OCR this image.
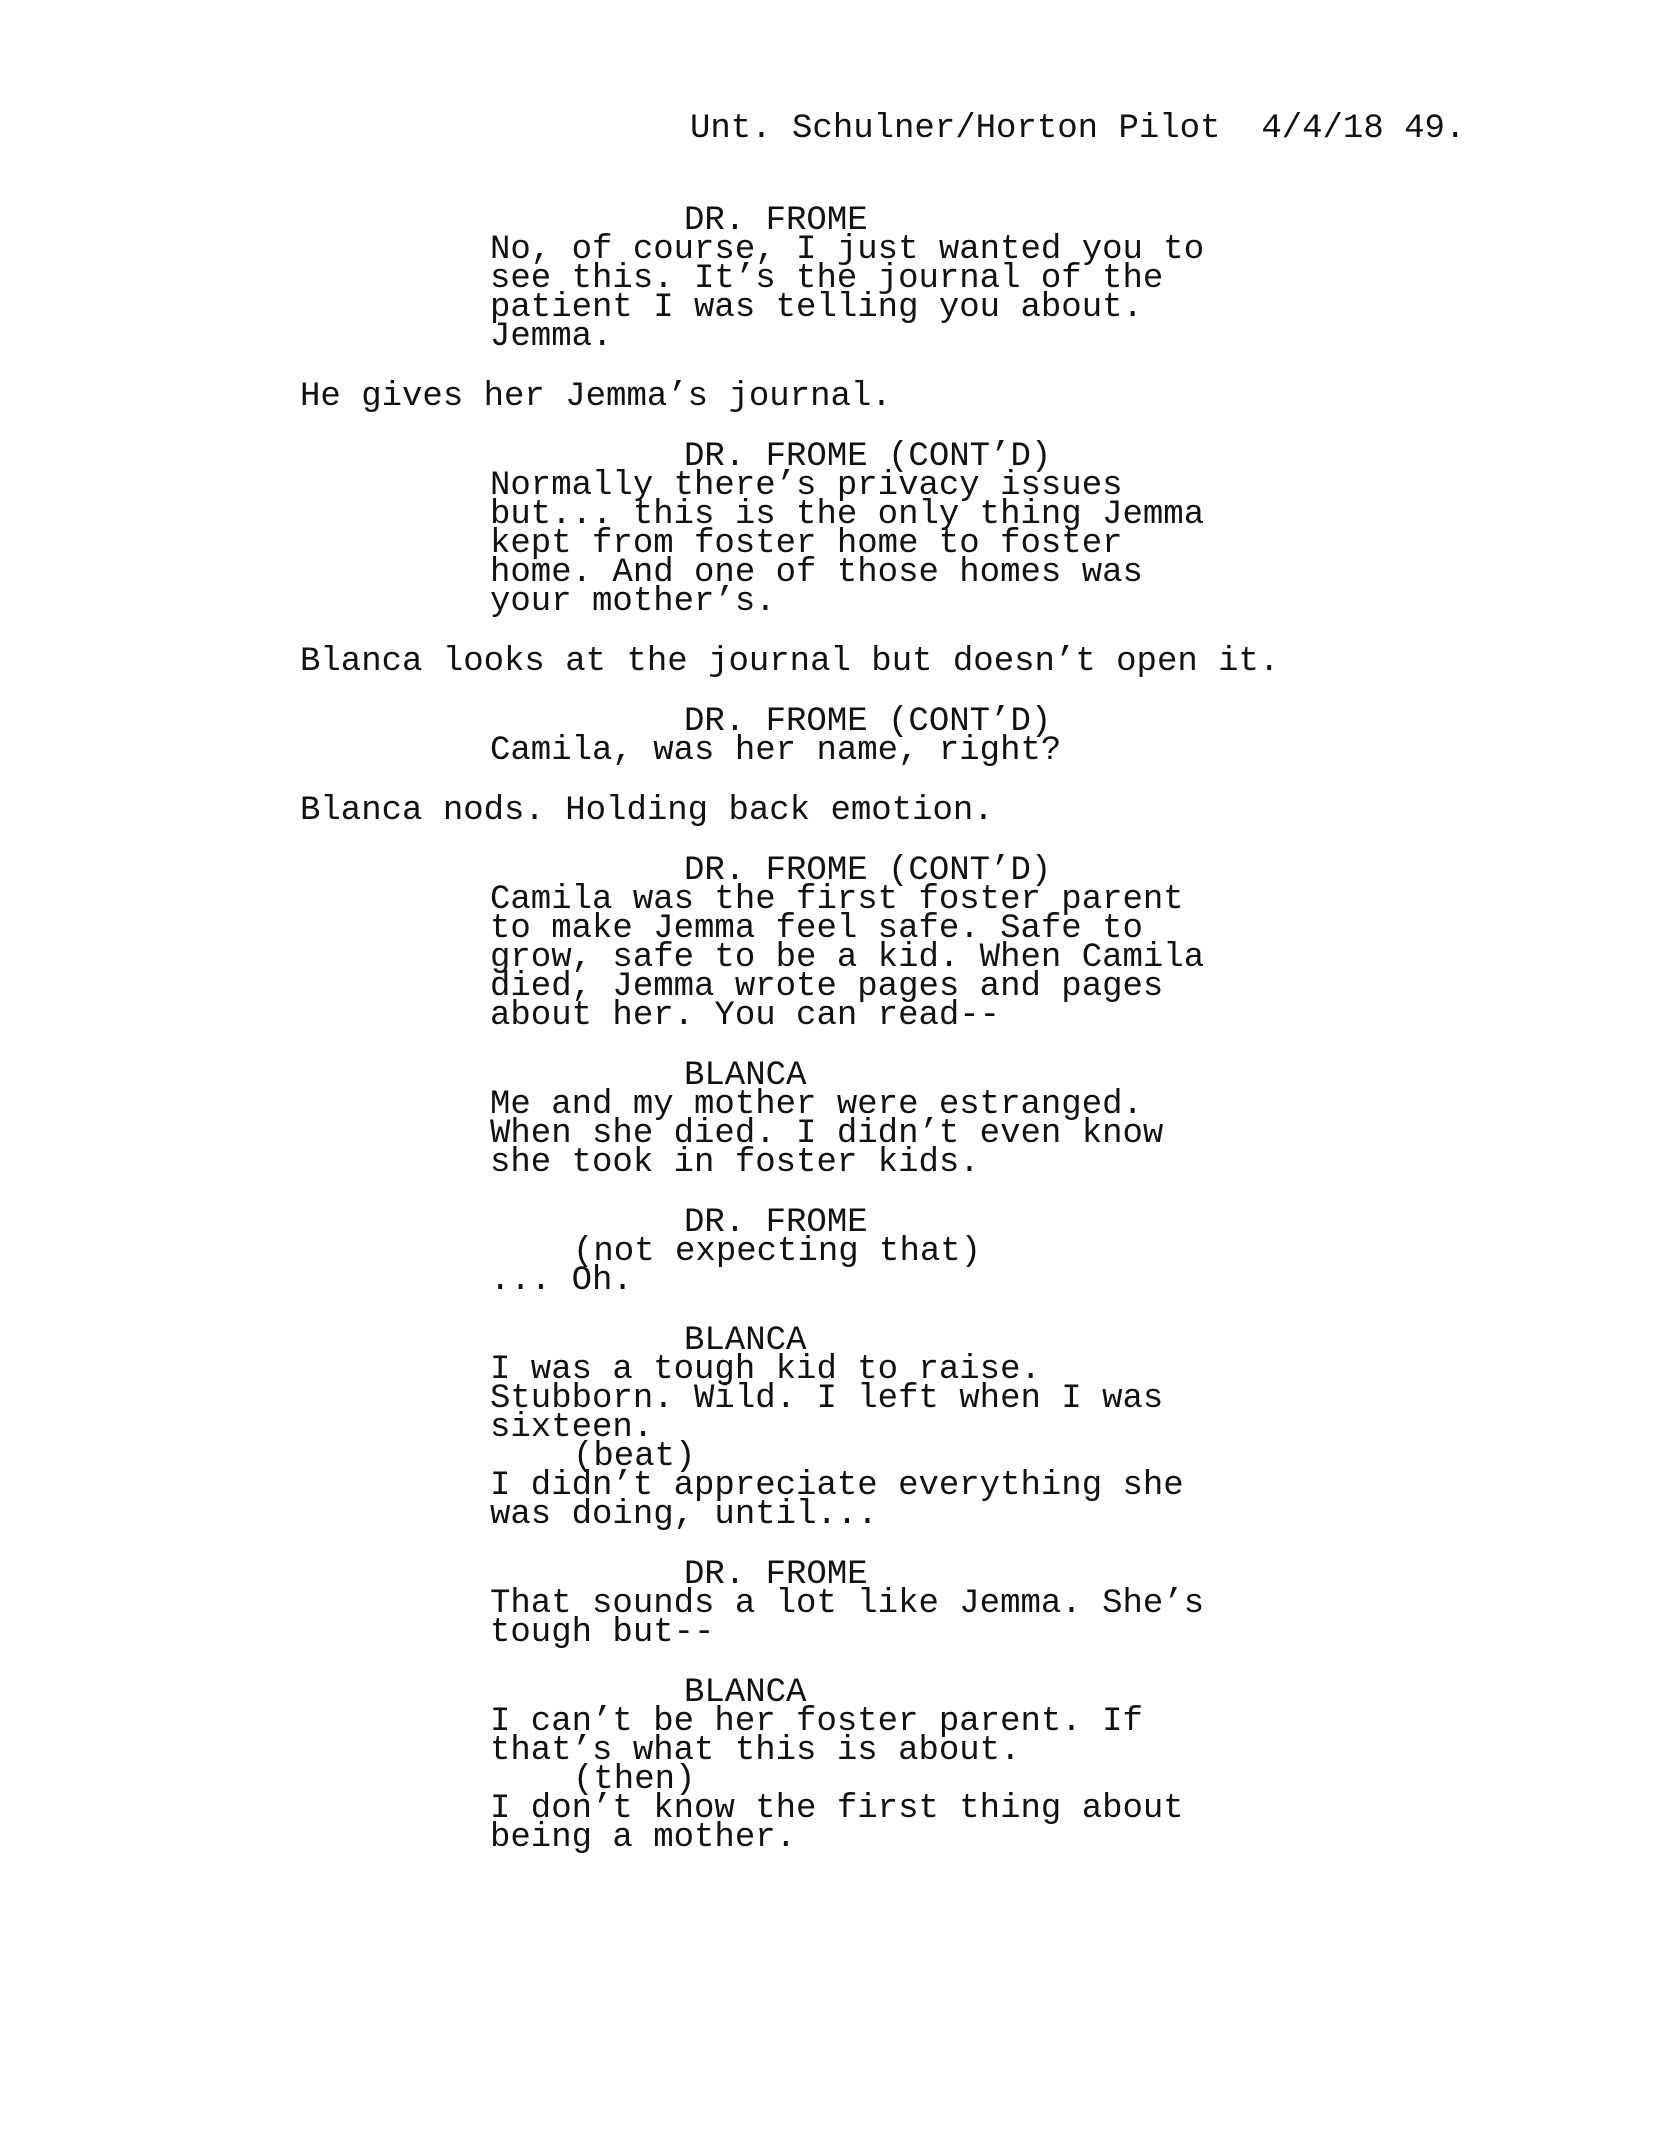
Unt. Schulner/Horton Pilot 4/4/18 49.
DR. FROME
No, of course, I just wanted you to
see this. It’s the journal of the
patient I was telling you about.
Jemma.
He gives her Jemma’s journal.
DR. FROME (CONT’D)
Normally there’s privacy issues
but... this is the only thing Jemma
kept from foster home to foster
home. And one of those homes was
your mother’s.
Blanca looks at the journal but doesn’t open it.
DR. FROME (CONT’D)
Camila, was her name, right?
Blanca nods. Holding back emotion.
DR. FROME (CONT’D)
Camila was the first foster parent
to make Jemma feel safe. Safe to
grow, safe to be a kid. When Camila
died, Jemma wrote pages and pages
about her. You can read--
BLANCA
Me and my mother were estranged.
When she died. I didn’t even know
she took in foster kids.
DR. FROME
(not expecting that)
... Oh.
BLANCA
I was a tough kid to raise.
Stubborn. Wild. I left when I was
sixteen.
(beat)
I didn’t appreciate everything she
was doing, until...
DR. FROME
That sounds a lot like Jemma. She’s
tough but--
BLANCA
I can’t be her foster parent. If
that’s what this is about.
(then)
I don’t know the first thing about
being a mother.
